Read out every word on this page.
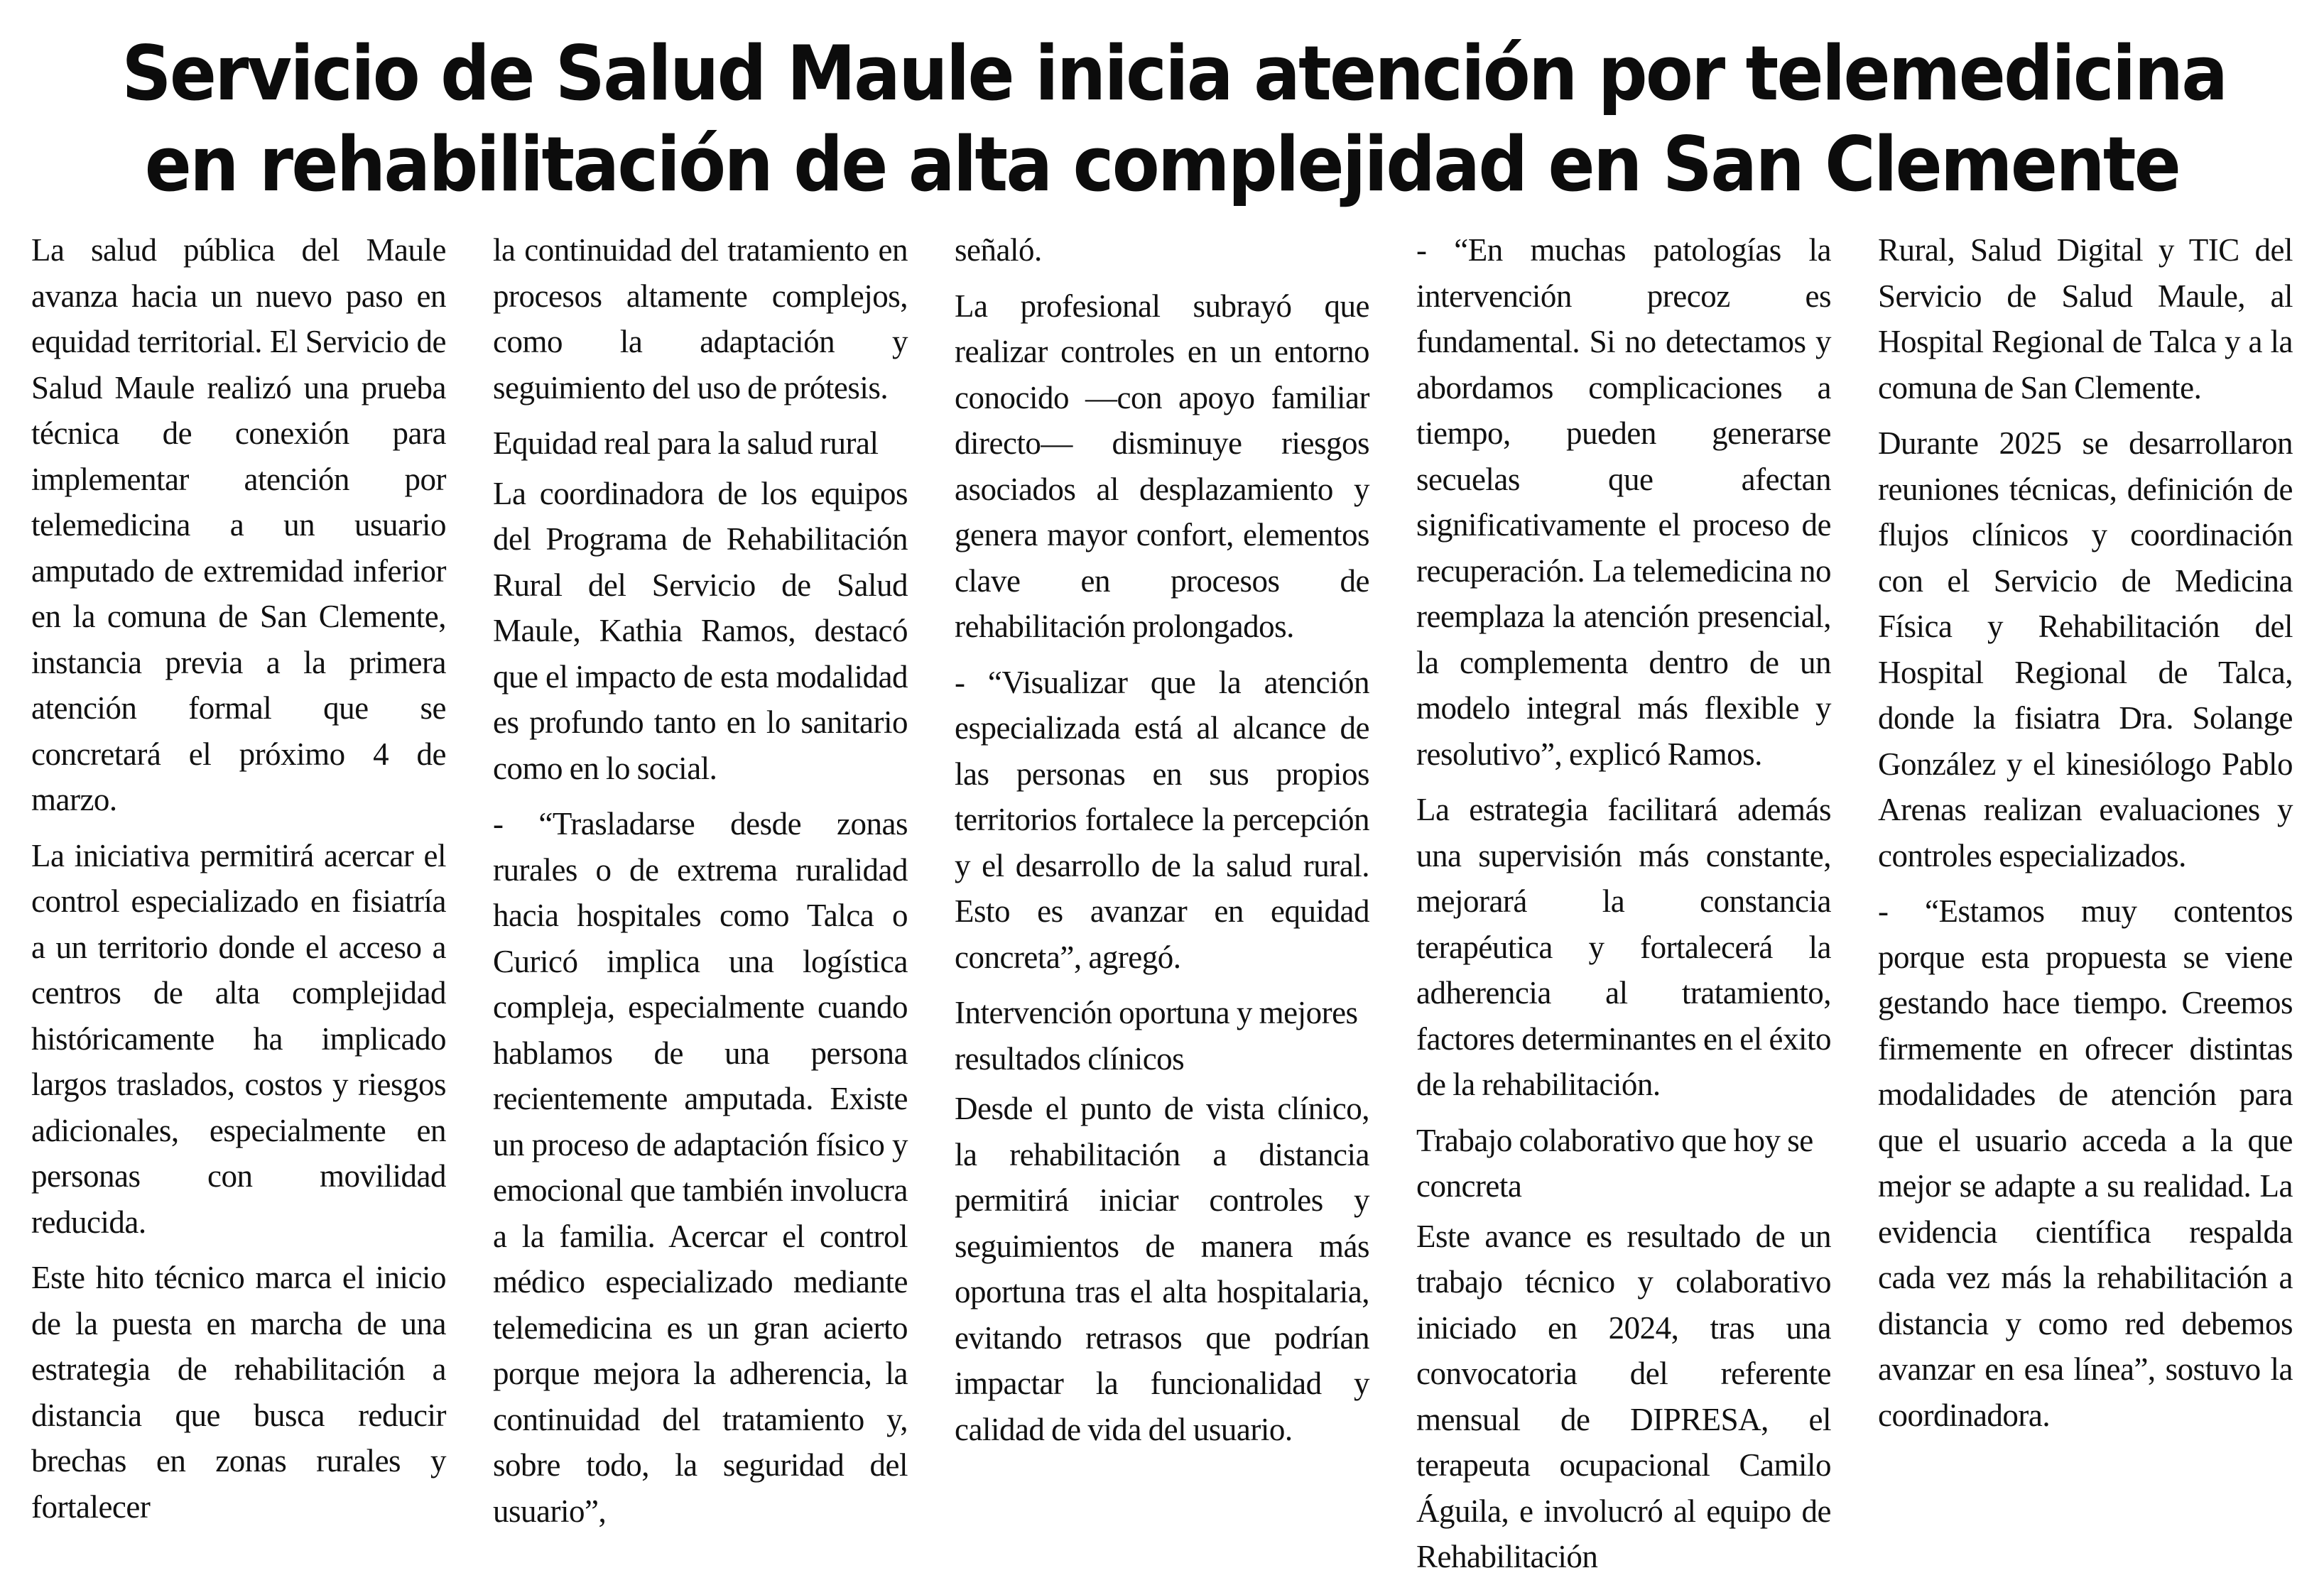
Servicio de Salud Maule inicia atención por telemedicina
en rehabilitación de alta complejidad en San Clemente

La salud pública del Maule avanza hacia un nuevo paso en equidad territorial. El Servicio de Salud Maule realizó una prueba técnica de conexión para implementar atención por telemedicina a un usuario amputado de extremidad inferior en la comuna de San Clemente, instancia previa a la primera atención formal que se concretará el próximo 4 de marzo.

La iniciativa permitirá acercar el control especializado en fisiatría a un territorio donde el acceso a centros de alta complejidad históricamente ha implicado largos traslados, costos y riesgos adicionales, especialmente en personas con movilidad reducida.

Este hito técnico marca el inicio de la puesta en marcha de una estrategia de rehabilitación a distancia que busca reducir brechas en zonas rurales y fortalecer

la continuidad del tratamiento en procesos altamente complejos, como la adaptación y seguimiento del uso de prótesis.

Equidad real para la salud rural

La coordinadora de los equipos del Programa de Rehabilitación Rural del Servicio de Salud Maule, Kathia Ramos, destacó que el impacto de esta modalidad es profundo tanto en lo sanitario como en lo social.

- “Trasladarse desde zonas rurales o de extrema ruralidad hacia hospitales como Talca o Curicó implica una logística compleja, especialmente cuando hablamos de una persona recientemente amputada. Existe un proceso de adaptación físico y emocional que también involucra a la familia. Acercar el control médico especializado mediante telemedicina es un gran acierto porque mejora la adherencia, la continuidad del tratamiento y, sobre todo, la seguridad del usuario”,

señaló.

La profesional subrayó que realizar controles en un entorno conocido —con apoyo familiar directo— disminuye riesgos asociados al desplazamiento y genera mayor confort, elementos clave en procesos de rehabilitación prolongados.

- “Visualizar que la atención especializada está al alcance de las personas en sus propios territorios fortalece la percepción y el desarrollo de la salud rural. Esto es avanzar en equidad concreta”, agregó.

Intervención oportuna y mejores resultados clínicos

Desde el punto de vista clínico, la rehabilitación a distancia permitirá iniciar controles y seguimientos de manera más oportuna tras el alta hospitalaria, evitando retrasos que podrían impactar la funcionalidad y calidad de vida del usuario.

- “En muchas patologías la intervención precoz es fundamental. Si no detectamos y abordamos complicaciones a tiempo, pueden generarse secuelas que afectan significativamente el proceso de recuperación. La telemedicina no reemplaza la atención presencial, la complementa dentro de un modelo integral más flexible y resolutivo”, explicó Ramos.

La estrategia facilitará además una supervisión más constante, mejorará la constancia terapéutica y fortalecerá la adherencia al tratamiento, factores determinantes en el éxito de la rehabilitación.

Trabajo colaborativo que hoy se concreta

Este avance es resultado de un trabajo técnico y colaborativo iniciado en 2024, tras una convocatoria del referente mensual de DIPRESA, el terapeuta ocupacional Camilo Águila, e involucró al equipo de Rehabilitación

Rural, Salud Digital y TIC del Servicio de Salud Maule, al Hospital Regional de Talca y a la comuna de San Clemente.

Durante 2025 se desarrollaron reuniones técnicas, definición de flujos clínicos y coordinación con el Servicio de Medicina Física y Rehabilitación del Hospital Regional de Talca, donde la fisiatra Dra. Solange González y el kinesiólogo Pablo Arenas realizan evaluaciones y controles especializados.

- “Estamos muy contentos porque esta propuesta se viene gestando hace tiempo. Creemos firmemente en ofrecer distintas modalidades de atención para que el usuario acceda a la que mejor se adapte a su realidad. La evidencia científica respalda cada vez más la rehabilitación a distancia y como red debemos avanzar en esa línea”, sostuvo la coordinadora.
